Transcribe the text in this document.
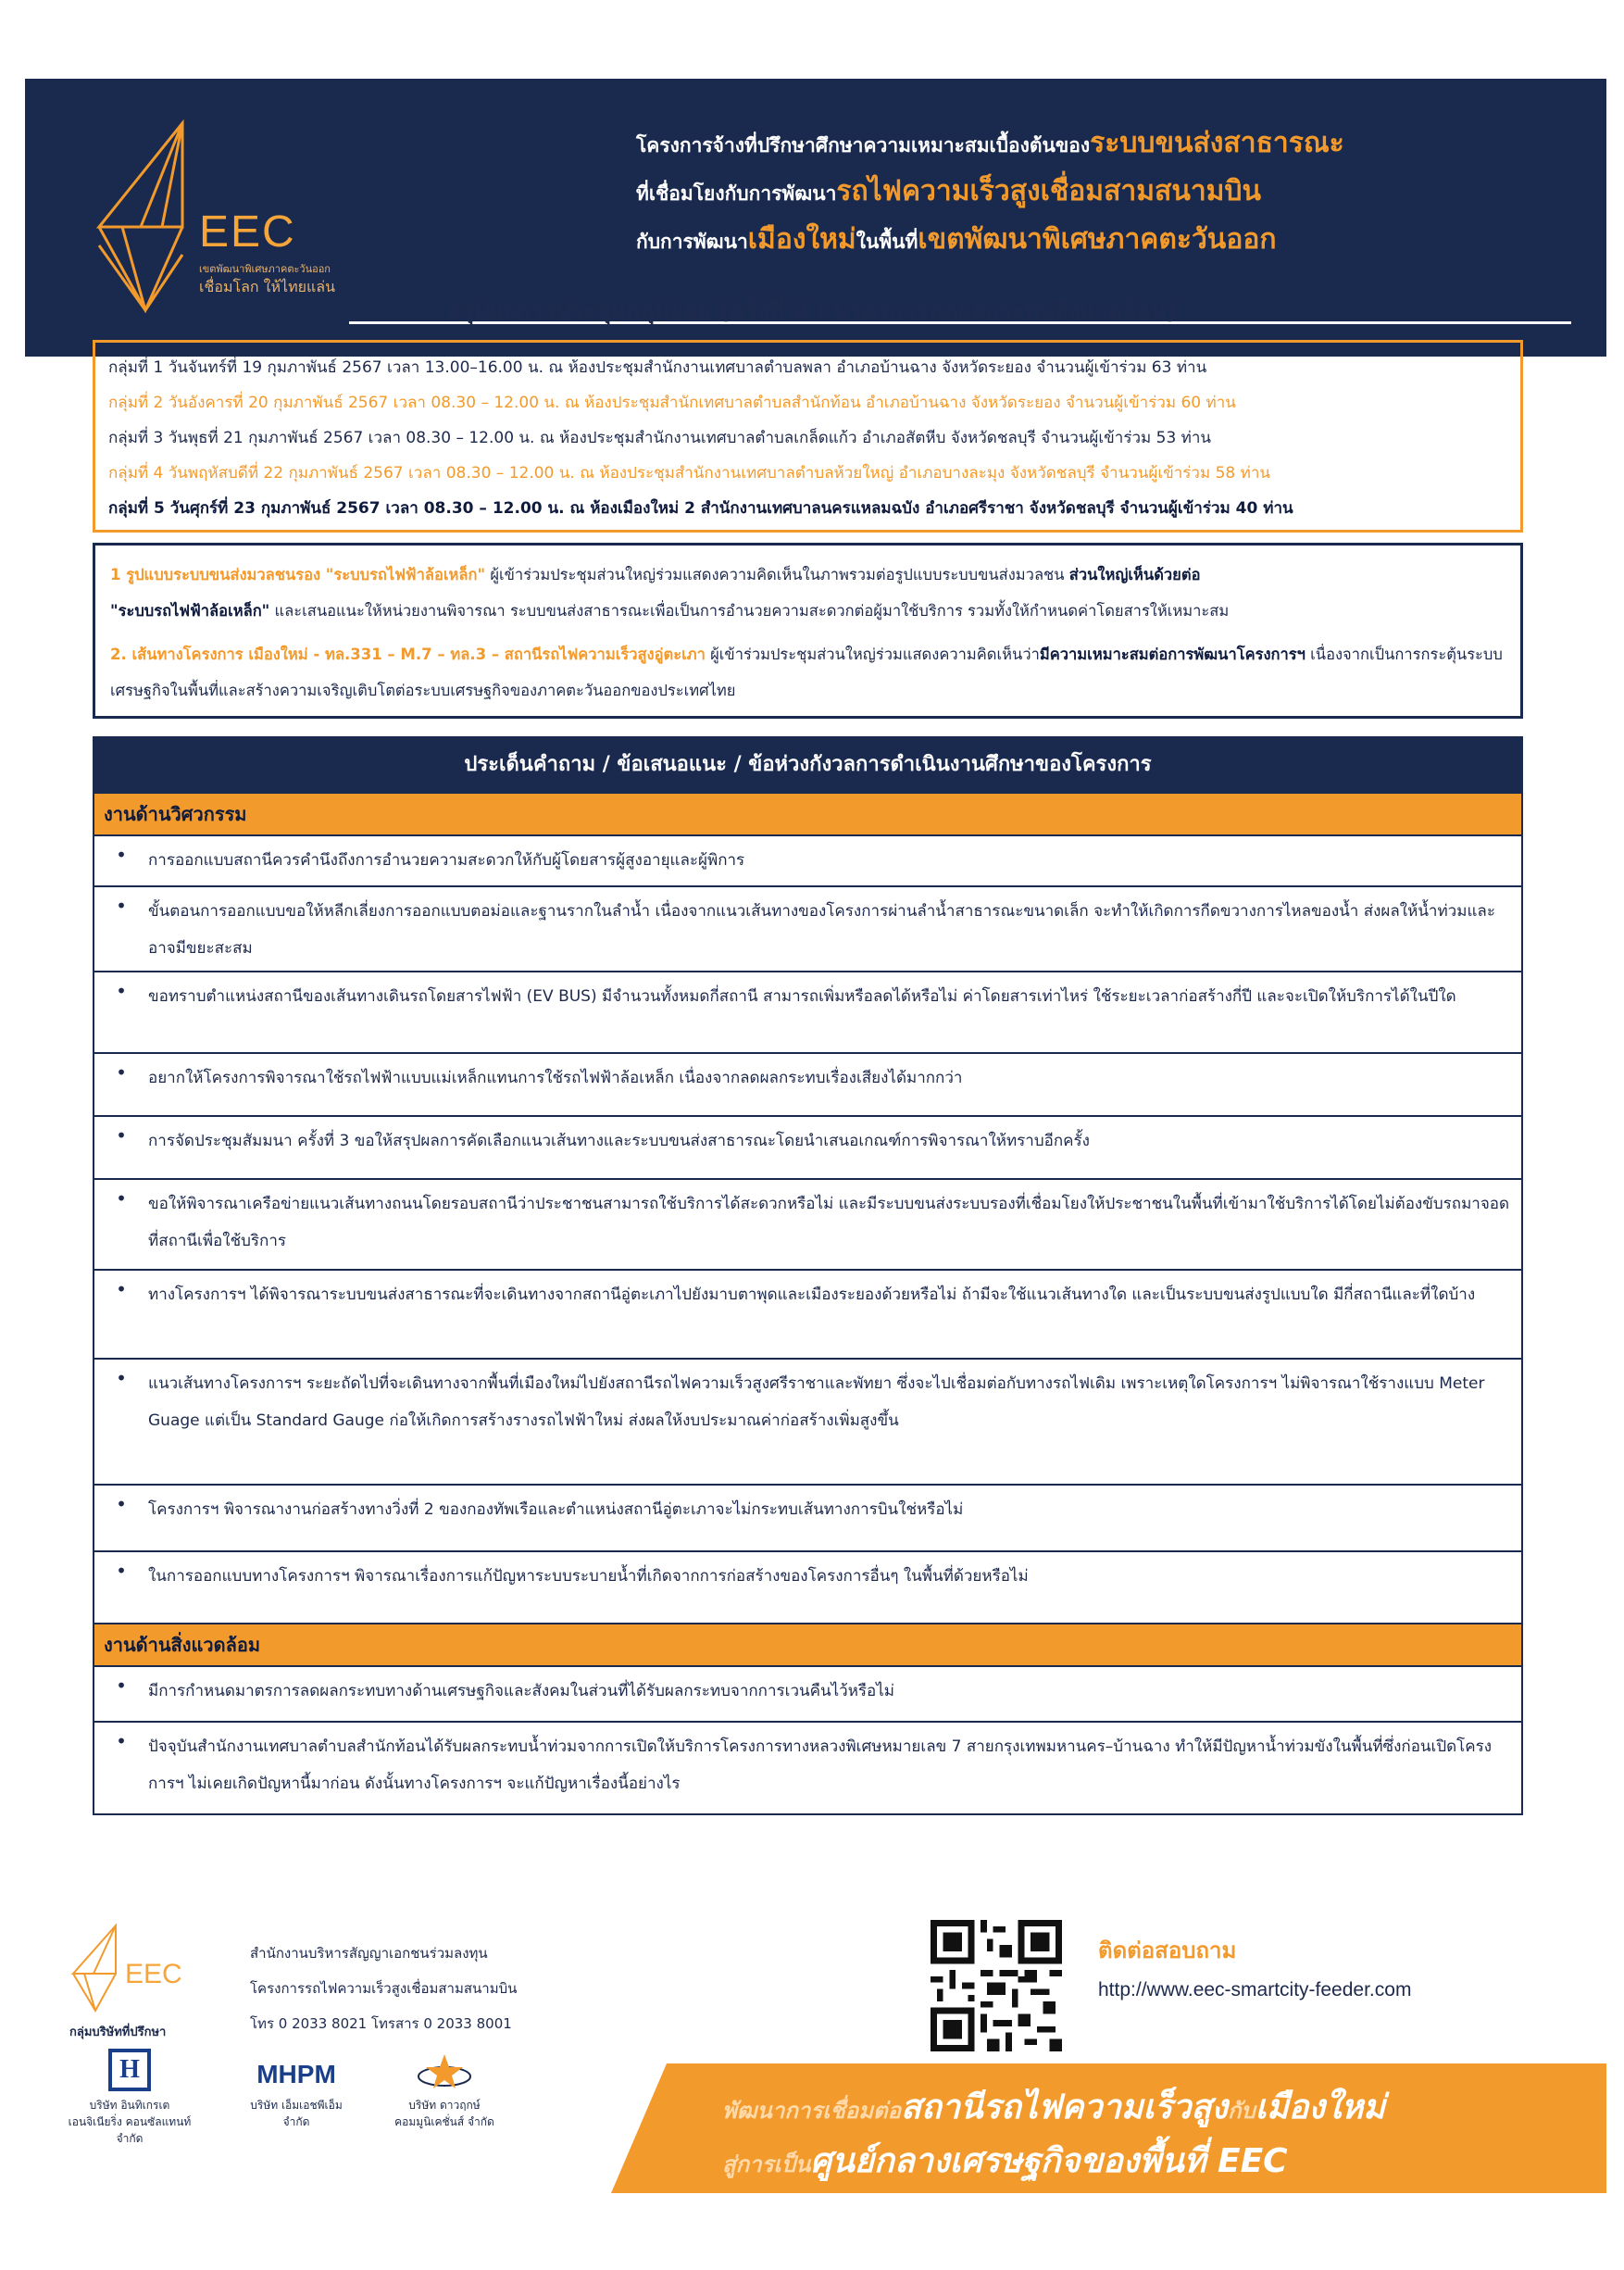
EEC
เขตพัฒนาพิเศษภาคตะวันออก
เชื่อมโลก ให้ไทยแล่น
โครงการจ้างที่ปรึกษาศึกษาความเหมาะสมเบื้องต้นของระบบขนส่งสาธารณะ
ที่เชื่อมโยงกับการพัฒนารถไฟความเร็วสูงเชื่อมสามสนามบิน
กับการพัฒนาเมืองใหม่ในพื้นที่เขตพัฒนาพิเศษภาคตะวันออก
สรุปผลการประชุมกลุ่มย่อย (ครั้งที่ 2 : มาตรการลดผลกระทบสิ่งแวดล้อม)
กลุ่มที่ 1 วันจันทร์ที่ 19 กุมภาพันธ์ 2567 เวลา 13.00–16.00 น. ณ ห้องประชุมสำนักงานเทศบาลตำบลพลา อำเภอบ้านฉาง จังหวัดระยอง จำนวนผู้เข้าร่วม 63 ท่าน
กลุ่มที่ 2 วันอังคารที่ 20 กุมภาพันธ์ 2567 เวลา 08.30 – 12.00 น. ณ ห้องประชุมสำนักเทศบาลตำบลสำนักท้อน อำเภอบ้านฉาง จังหวัดระยอง จำนวนผู้เข้าร่วม 60 ท่าน
กลุ่มที่ 3 วันพุธที่ 21 กุมภาพันธ์ 2567 เวลา 08.30 – 12.00 น. ณ ห้องประชุมสำนักงานเทศบาลตำบลเกล็ดแก้ว อำเภอสัตหีบ จังหวัดชลบุรี จำนวนผู้เข้าร่วม 53 ท่าน
กลุ่มที่ 4 วันพฤหัสบดีที่ 22 กุมภาพันธ์ 2567 เวลา 08.30 – 12.00 น. ณ ห้องประชุมสำนักงานเทศบาลตำบลห้วยใหญ่ อำเภอบางละมุง จังหวัดชลบุรี จำนวนผู้เข้าร่วม 58 ท่าน
กลุ่มที่ 5 วันศุกร์ที่ 23 กุมภาพันธ์ 2567 เวลา 08.30 – 12.00 น. ณ ห้องเมืองใหม่ 2 สำนักงานเทศบาลนครแหลมฉบัง อำเภอศรีราชา จังหวัดชลบุรี จำนวนผู้เข้าร่วม 40 ท่าน
1 รูปแบบระบบขนส่งมวลชนรอง "ระบบรถไฟฟ้าล้อเหล็ก" ผู้เข้าร่วมประชุมส่วนใหญ่ร่วมแสดงความคิดเห็นในภาพรวมต่อรูปแบบระบบขนส่งมวลชน ส่วนใหญ่เห็นด้วยต่อ
"ระบบรถไฟฟ้าล้อเหล็ก" และเสนอแนะให้หน่วยงานพิจารณา ระบบขนส่งสาธารณะเพื่อเป็นการอำนวยความสะดวกต่อผู้มาใช้บริการ รวมทั้งให้กำหนดค่าโดยสารให้เหมาะสม
2. เส้นทางโครงการ เมืองใหม่ - ทล.331 – M.7 – ทล.3 – สถานีรถไฟความเร็วสูงอู่ตะเภา ผู้เข้าร่วมประชุมส่วนใหญ่ร่วมแสดงความคิดเห็นว่ามีความเหมาะสมต่อการพัฒนาโครงการฯ เนื่องจากเป็นการกระตุ้นระบบเศรษฐกิจในพื้นที่และสร้างความเจริญเติบโตต่อระบบเศรษฐกิจของภาคตะวันออกของประเทศไทย
ประเด็นคำถาม / ข้อเสนอแนะ / ข้อห่วงกังวลการดำเนินงานศึกษาของโครงการ
งานด้านวิศวกรรม
•	การออกแบบสถานีควรคำนึงถึงการอำนวยความสะดวกให้กับผู้โดยสารผู้สูงอายุและผู้พิการ
•	ขั้นตอนการออกแบบขอให้หลีกเลี่ยงการออกแบบตอม่อและฐานรากในลำน้ำ เนื่องจากแนวเส้นทางของโครงการผ่านลำน้ำสาธารณะขนาดเล็ก จะทำให้เกิดการกีดขวางการไหลของน้ำ ส่งผลให้น้ำท่วมและอาจมีขยะสะสม
•	ขอทราบตำแหน่งสถานีของเส้นทางเดินรถโดยสารไฟฟ้า (EV BUS) มีจำนวนทั้งหมดกี่สถานี สามารถเพิ่มหรือลดได้หรือไม่ ค่าโดยสารเท่าไหร่ ใช้ระยะเวลาก่อสร้างกี่ปี และจะเปิดให้บริการได้ในปีใด
•	อยากให้โครงการพิจารณาใช้รถไฟฟ้าแบบแม่เหล็กแทนการใช้รถไฟฟ้าล้อเหล็ก เนื่องจากลดผลกระทบเรื่องเสียงได้มากกว่า
•	การจัดประชุมสัมมนา ครั้งที่ 3 ขอให้สรุปผลการคัดเลือกแนวเส้นทางและระบบขนส่งสาธารณะโดยนำเสนอเกณฑ์การพิจารณาให้ทราบอีกครั้ง
•	ขอให้พิจารณาเครือข่ายแนวเส้นทางถนนโดยรอบสถานีว่าประชาชนสามารถใช้บริการได้สะดวกหรือไม่ และมีระบบขนส่งระบบรองที่เชื่อมโยงให้ประชาชนในพื้นที่เข้ามาใช้บริการได้โดยไม่ต้องขับรถมาจอดที่สถานีเพื่อใช้บริการ
•	ทางโครงการฯ ได้พิจารณาระบบขนส่งสาธารณะที่จะเดินทางจากสถานีอู่ตะเภาไปยังมาบตาพุดและเมืองระยองด้วยหรือไม่ ถ้ามีจะใช้แนวเส้นทางใด และเป็นระบบขนส่งรูปแบบใด มีกี่สถานีและที่ใดบ้าง
•	แนวเส้นทางโครงการฯ ระยะถัดไปที่จะเดินทางจากพื้นที่เมืองใหม่ไปยังสถานีรถไฟความเร็วสูงศรีราชาและพัทยา ซึ่งจะไปเชื่อมต่อกับทางรถไฟเดิม เพราะเหตุใดโครงการฯ ไม่พิจารณาใช้รางแบบ Meter Guage แต่เป็น Standard Gauge ก่อให้เกิดการสร้างรางรถไฟฟ้าใหม่ ส่งผลให้งบประมาณค่าก่อสร้างเพิ่มสูงขึ้น
•	โครงการฯ พิจารณางานก่อสร้างทางวิ่งที่ 2 ของกองทัพเรือและตำแหน่งสถานีอู่ตะเภาจะไม่กระทบเส้นทางการบินใช่หรือไม่
•	ในการออกแบบทางโครงการฯ พิจารณาเรื่องการแก้ปัญหาระบบระบายน้ำที่เกิดจากการก่อสร้างของโครงการอื่นๆ ในพื้นที่ด้วยหรือไม่
งานด้านสิ่งแวดล้อม
•	มีการกำหนดมาตรการลดผลกระทบทางด้านเศรษฐกิจและสังคมในส่วนที่ได้รับผลกระทบจากการเวนคืนไว้หรือไม่
•	ปัจจุบันสำนักงานเทศบาลตำบลสำนักท้อนได้รับผลกระทบน้ำท่วมจากการเปิดให้บริการโครงการทางหลวงพิเศษหมายเลข 7 สายกรุงเทพมหานคร–บ้านฉาง ทำให้มีปัญหาน้ำท่วมขังในพื้นที่ซึ่งก่อนเปิดโครงการฯ ไม่เคยเกิดปัญหานี้มาก่อน ดังนั้นทางโครงการฯ จะแก้ปัญหาเรื่องนี้อย่างไร
EEC
สำนักงานบริหารสัญญาเอกชนร่วมลงทุน
โครงการรถไฟความเร็วสูงเชื่อมสามสนามบิน
โทร 0 2033 8021 โทรสาร 0 2033 8001
กลุ่มบริษัทที่ปรึกษา
H
บริษัท อินทิเกรเต
เอนจิเนียริ่ง คอนซัลแทนท์ จำกัด
MHPM
บริษัท เอ็มเอชพีเอ็ม
จำกัด
บริษัท ดาวฤกษ์
คอมมูนิเคชั่นส์ จำกัด
ติดต่อสอบถาม
http://www.eec-smartcity-feeder.com
พัฒนาการเชื่อมต่อสถานีรถไฟความเร็วสูงกับเมืองใหม่
สู่การเป็นศูนย์กลางเศรษฐกิจของพื้นที่ EEC
